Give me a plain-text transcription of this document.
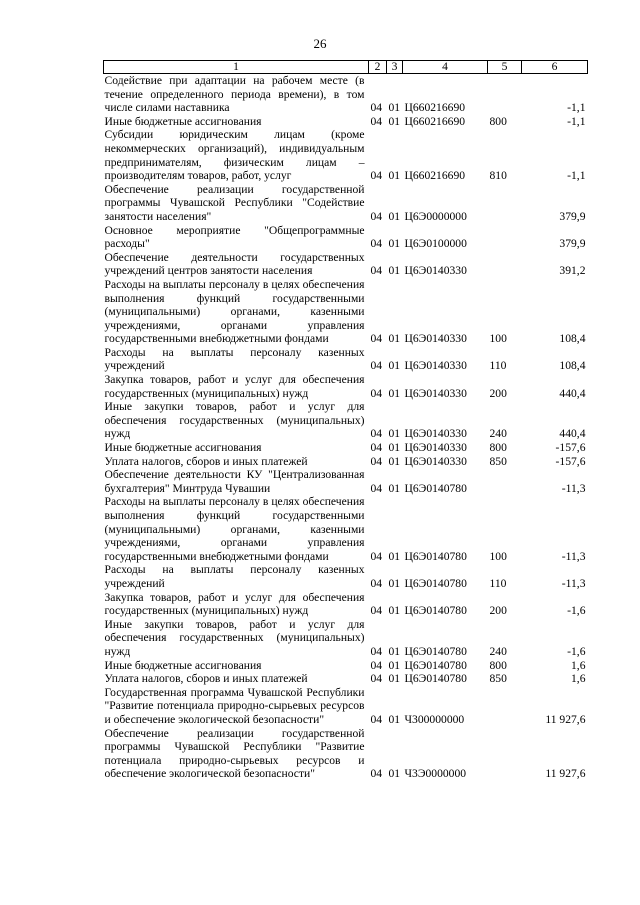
26
1	2	3	4	5	6
Содействие при адаптации на рабочем месте (в течение определенного периода времени), в том числе силами наставника	04	01	Ц660216690		-1,1
Иные бюджетные ассигнования	04	01	Ц660216690	800	-1,1
Субсидии юридическим лицам (кроме некоммерческих организаций), индивидуальным предпринимателям, физическим лицам – производителям товаров, работ, услуг	04	01	Ц660216690	810	-1,1
Обеспечение реализации государственной программы Чувашской Республики "Содействие занятости населения"	04	01	Ц6Э0000000		379,9
Основное мероприятие "Общепрограммные расходы"	04	01	Ц6Э0100000		379,9
Обеспечение деятельности государственных учреждений центров занятости населения	04	01	Ц6Э0140330		391,2
Расходы на выплаты персоналу в целях обеспечения выполнения функций государственными (муниципальными) органами, казенными учреждениями, органами управления государственными внебюджетными фондами	04	01	Ц6Э0140330	100	108,4
Расходы на выплаты персоналу казенных учреждений	04	01	Ц6Э0140330	110	108,4
Закупка товаров, работ и услуг для обеспечения государственных (муниципальных) нужд	04	01	Ц6Э0140330	200	440,4
Иные закупки товаров, работ и услуг для обеспечения государственных (муниципальных) нужд	04	01	Ц6Э0140330	240	440,4
Иные бюджетные ассигнования	04	01	Ц6Э0140330	800	-157,6
Уплата налогов, сборов и иных платежей	04	01	Ц6Э0140330	850	-157,6
Обеспечение деятельности КУ "Централизованная бухгалтерия" Минтруда Чувашии	04	01	Ц6Э0140780		-11,3
Расходы на выплаты персоналу в целях обеспечения выполнения функций государственными (муниципальными) органами, казенными учреждениями, органами управления государственными внебюджетными фондами	04	01	Ц6Э0140780	100	-11,3
Расходы на выплаты персоналу казенных учреждений	04	01	Ц6Э0140780	110	-11,3
Закупка товаров, работ и услуг для обеспечения государственных (муниципальных) нужд	04	01	Ц6Э0140780	200	-1,6
Иные закупки товаров, работ и услуг для обеспечения государственных (муниципальных) нужд	04	01	Ц6Э0140780	240	-1,6
Иные бюджетные ассигнования	04	01	Ц6Э0140780	800	1,6
Уплата налогов, сборов и иных платежей	04	01	Ц6Э0140780	850	1,6
Государственная программа Чувашской Республики "Развитие потенциала природно-сырьевых ресурсов и обеспечение экологической безопасности"	04	01	Ч300000000		11 927,6
Обеспечение реализации государственной программы Чувашской Республики "Развитие потенциала природно-сырьевых ресурсов и обеспечение экологической безопасности"	04	01	Ч3Э0000000		11 927,6
